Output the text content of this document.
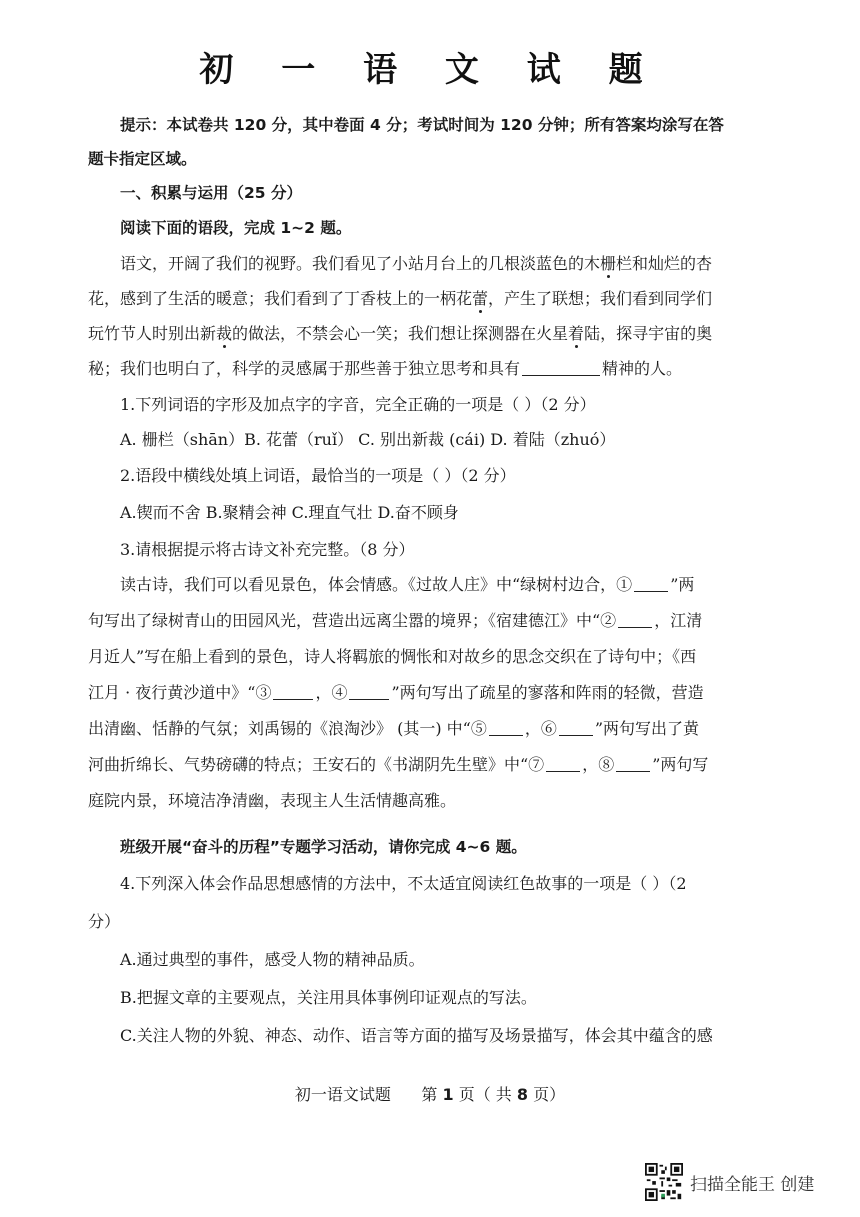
初 一 语 文 试 题
提示：本试卷共 120 分，其中卷面 4 分；考试时间为 120 分钟；所有答案均涂写在答
题卡指定区域。
一、积累与运用（25 分）
阅读下面的语段，完成 1~2 题。
语文，开阔了我们的视野。我们看见了小站月台上的几根淡蓝色的木栅栏和灿烂的杏
花，感到了生活的暖意；我们看到了丁香枝上的一柄花蕾，产生了联想；我们看到同学们
玩竹节人时别出新裁的做法，不禁会心一笑；我们想让探测器在火星着陆，探寻宇宙的奥
秘；我们也明白了，科学的灵感属于那些善于独立思考和具有	精神的人。
1.下列词语的字形及加点字的字音，完全正确的一项是（ ）（2 分）
A. 栅栏（shān）B. 花蕾（ruǐ） C. 别出新裁 (cái) D. 着陆（zhuó）
2.语段中横线处填上词语，最恰当的一项是（ ）（2 分）
A.锲而不舍 B.聚精会神 C.理直气壮 D.奋不顾身
3.请根据提示将古诗文补充完整。（8 分）
读古诗，我们可以看见景色，体会情感。《过故人庄》中“绿树村边合，① ”两
句写出了绿树青山的田园风光，营造出远离尘嚣的境界；《宿建德江》中“② ，江清
月近人”写在船上看到的景色，诗人将羁旅的惆怅和对故乡的思念交织在了诗句中；《西
江月 · 夜行黄沙道中》“③	，④	”两句写出了疏星的寥落和阵雨的轻微，营造
出清幽、恬静的气氛；刘禹锡的《浪淘沙》 (其一) 中“⑤ ，⑥ ”两句写出了黄
河曲折绵长、气势磅礴的特点；王安石的《书湖阴先生壁》中“⑦ ，⑧ ”两句写
庭院内景，环境洁净清幽，表现主人生活情趣高雅。
班级开展“奋斗的历程”专题学习活动，请你完成 4~6 题。
4.下列深入体会作品思想感情的方法中，不太适宜阅读红色故事的一项是（ ）（2
分）
A.通过典型的事件，感受人物的精神品质。
B.把握文章的主要观点，关注用具体事例印证观点的写法。
C.关注人物的外貌、神态、动作、语言等方面的描写及场景描写，体会其中蕴含的感
初一语文试题 第 1 页（ 共 8 页）
扫描全能王 创建
